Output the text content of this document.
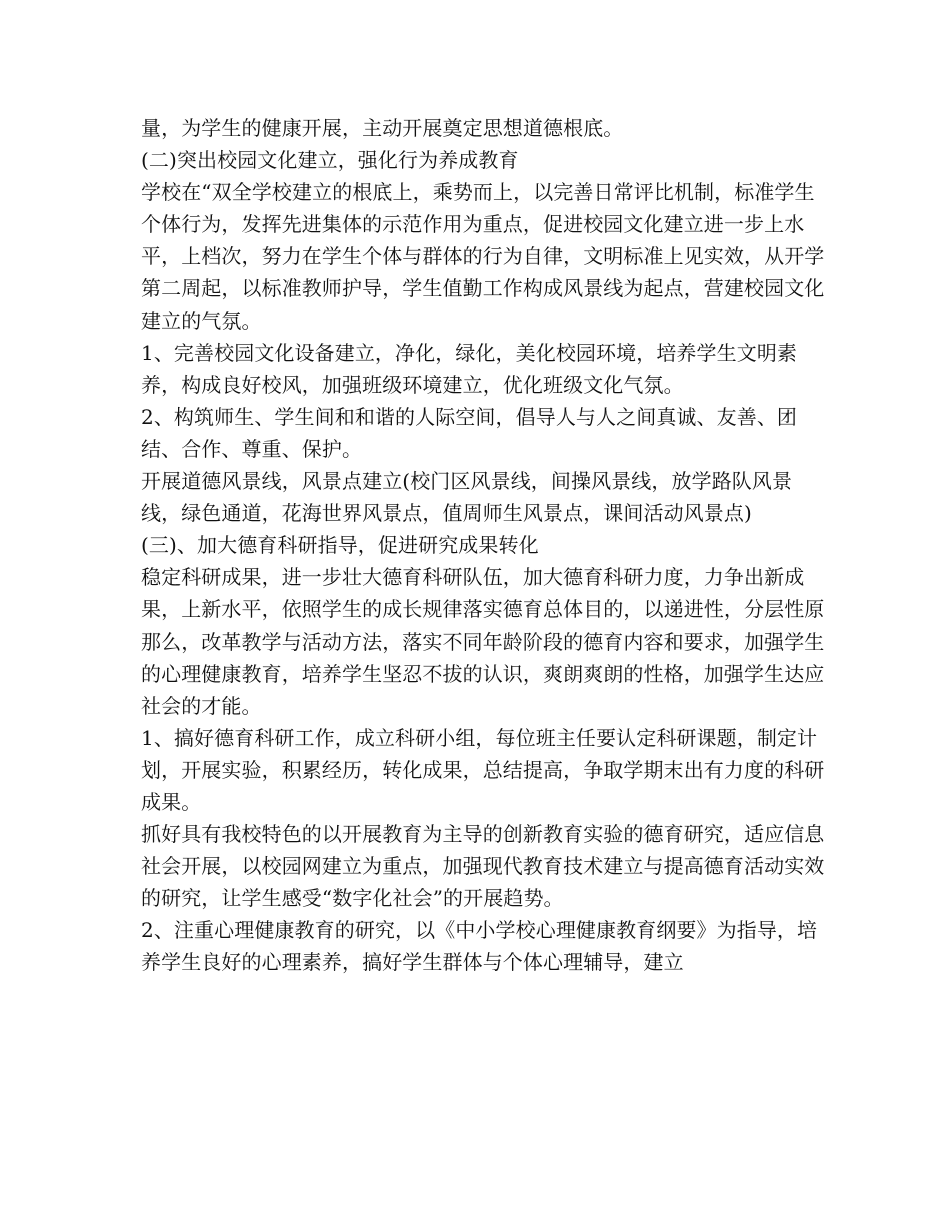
量，为学生的健康开展，主动开展奠定思想道德根底。

(二)突出校园文化建立，强化行为养成教育

学校在“双全学校建立的根底上，乘势而上，以完善日常评比机制，标准学生个体行为，发挥先进集体的示范作用为重点，促进校园文化建立进一步上水平，上档次，努力在学生个体与群体的行为自律，文明标准上见实效，从开学第二周起，以标准教师护导，学生值勤工作构成风景线为起点，营建校园文化建立的气氛。

1、完善校园文化设备建立，净化，绿化，美化校园环境，培养学生文明素养，构成良好校风，加强班级环境建立，优化班级文化气氛。

2、构筑师生、学生间和和谐的人际空间，倡导人与人之间真诚、友善、团结、合作、尊重、保护。

开展道德风景线，风景点建立(校门区风景线，间操风景线，放学路队风景线，绿色通道，花海世界风景点，值周师生风景点，课间活动风景点)

(三)、加大德育科研指导，促进研究成果转化

稳定科研成果，进一步壮大德育科研队伍，加大德育科研力度，力争出新成果，上新水平，依照学生的成长规律落实德育总体目的，以递进性，分层性原那么，改革教学与活动方法，落实不同年龄阶段的德育内容和要求，加强学生的心理健康教育，培养学生坚忍不拔的认识，爽朗爽朗的性格，加强学生达应社会的才能。

1、搞好德育科研工作，成立科研小组，每位班主任要认定科研课题，制定计划，开展实验，积累经历，转化成果，总结提高，争取学期末出有力度的科研成果。

抓好具有我校特色的以开展教育为主导的创新教育实验的德育研究，适应信息社会开展，以校园网建立为重点，加强现代教育技术建立与提高德育活动实效的研究，让学生感受“数字化社会”的开展趋势。

2、注重心理健康教育的研究，以《中小学校心理健康教育纲要》为指导，培养学生良好的心理素养，搞好学生群体与个体心理辅导，建立
